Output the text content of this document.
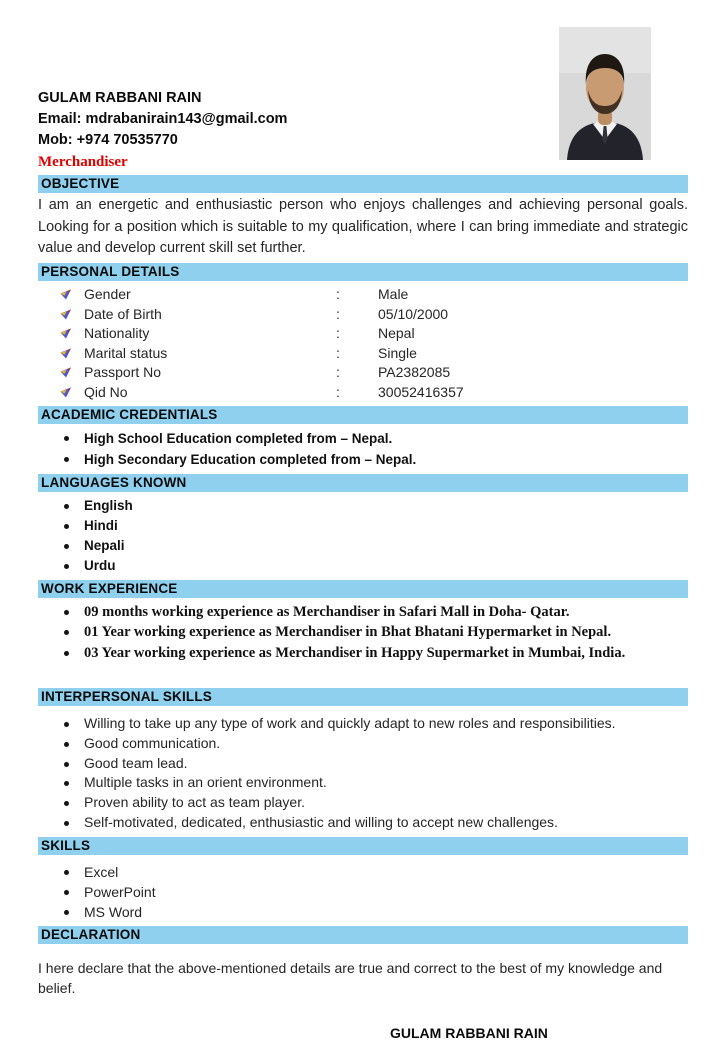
GULAM RABBANI RAIN
Email: mdrabanirain143@gmail.com
Mob: +974 70535770
Merchandiser
OBJECTIVE

I am an energetic and enthusiastic person who enjoys challenges and achieving personal goals. Looking for a position which is suitable to my qualification, where I can bring immediate and strategic value and develop current skill set further.

PERSONAL DETAILS
Gender	:	Male
Date of Birth	:	05/10/2000
Nationality	:	Nepal
Marital status	:	Single
Passport No	:	PA2382085
Qid No	:	30052416357
ACADEMIC CREDENTIALS
High School Education completed from – Nepal.
High Secondary Education completed from – Nepal.
LANGUAGES KNOWN
English
Hindi
Nepali
Urdu
WORK EXPERIENCE
09 months working experience as Merchandiser in Safari Mall in Doha- Qatar.
01 Year working experience as Merchandiser in Bhat Bhatani Hypermarket in Nepal.
03 Year working experience as Merchandiser in Happy Supermarket in Mumbai, India.
INTERPERSONAL SKILLS
Willing to take up any type of work and quickly adapt to new roles and responsibilities.
Good communication.
Good team lead.
Multiple tasks in an orient environment.
Proven ability to act as team player.
Self-motivated, dedicated, enthusiastic and willing to accept new challenges.
SKILLS
Excel
PowerPoint
MS Word
DECLARATION

I here declare that the above-mentioned details are true and correct to the best of my knowledge and belief.

GULAM RABBANI RAIN
